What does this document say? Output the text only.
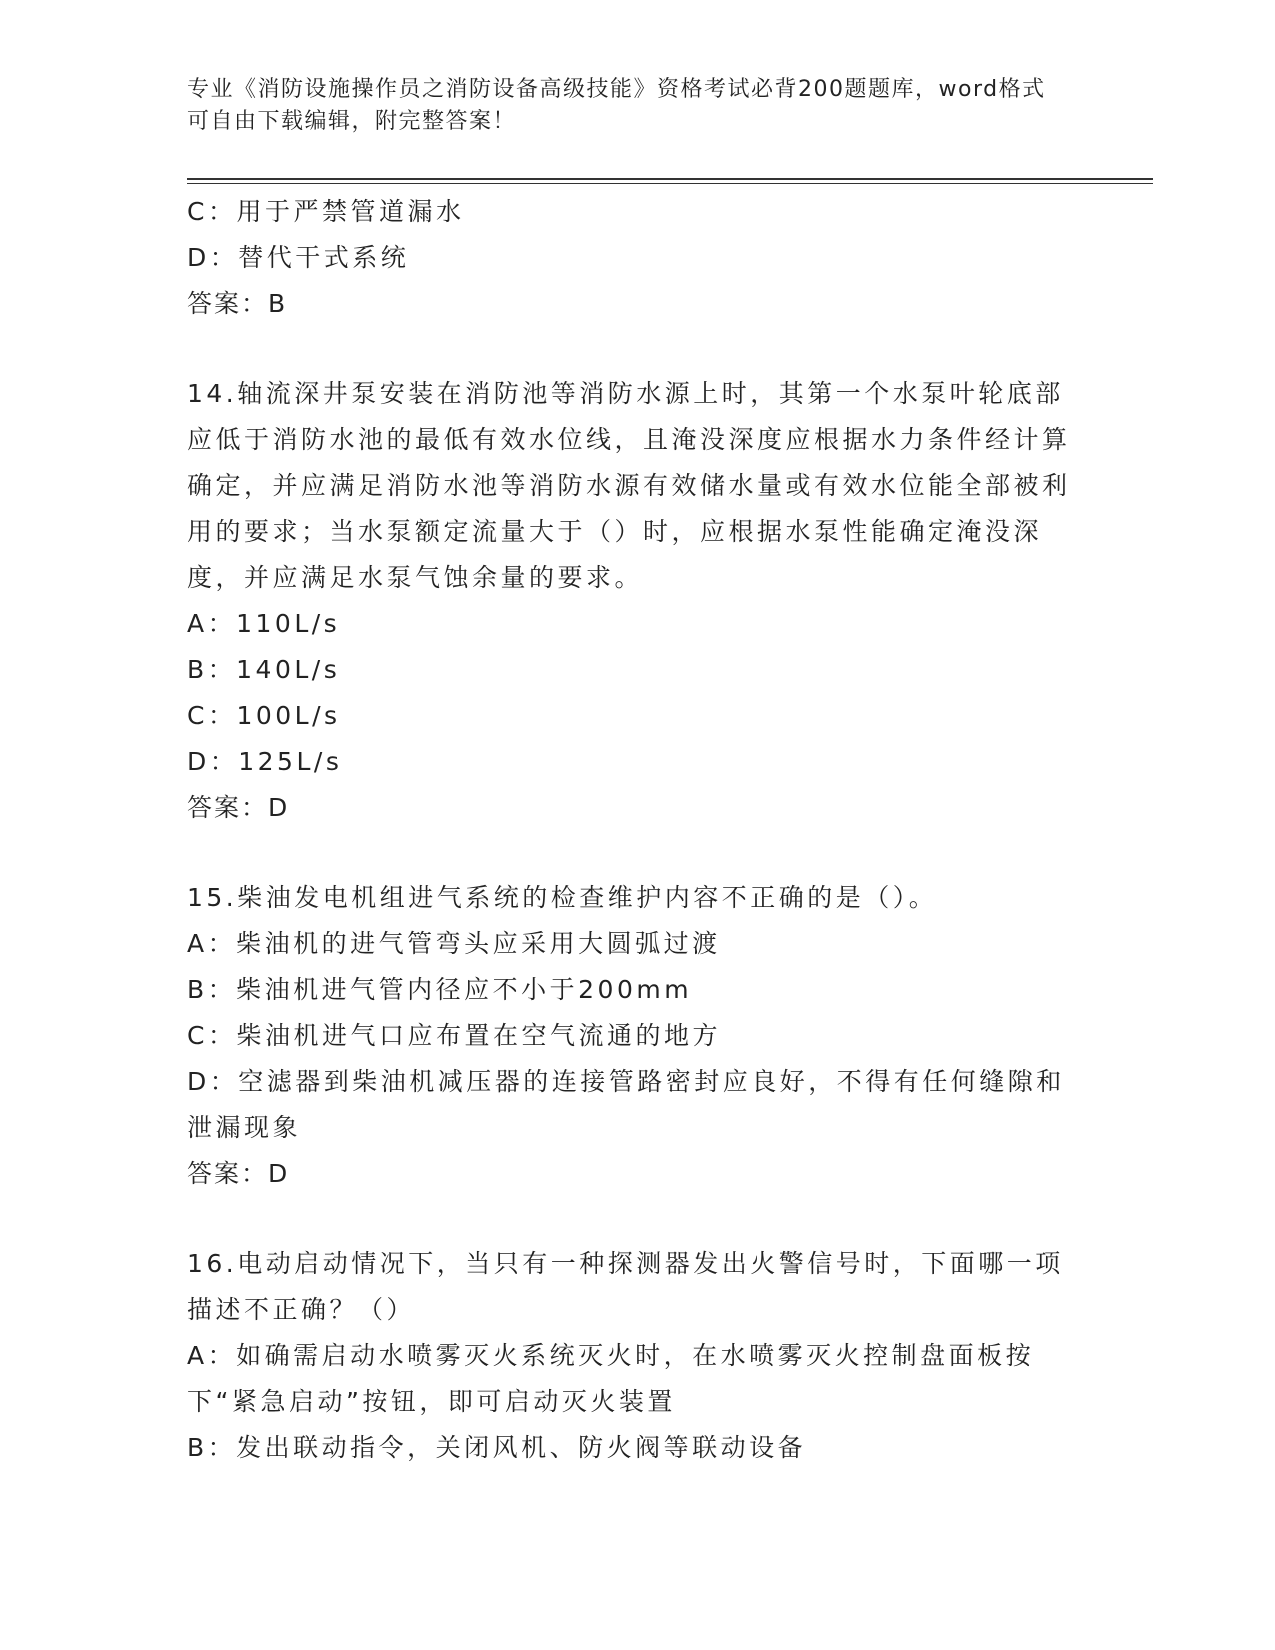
专业《消防设施操作员之消防设备高级技能》资格考试必背200题题库，word格式可自由下载编辑，附完整答案！
C：用于严禁管道漏水
D：替代干式系统
答案：B
14.轴流深井泵安装在消防池等消防水源上时，其第一个水泵叶轮底部应低于消防水池的最低有效水位线，且淹没深度应根据水力条件经计算确定，并应满足消防水池等消防水源有效储水量或有效水位能全部被利用的要求；当水泵额定流量大于（）时，应根据水泵性能确定淹没深度，并应满足水泵气蚀余量的要求。
A：110L/s
B：140L/s
C：100L/s
D：125L/s
答案：D
15.柴油发电机组进气系统的检查维护内容不正确的是（）。
A：柴油机的进气管弯头应采用大圆弧过渡
B：柴油机进气管内径应不小于200mm
C：柴油机进气口应布置在空气流通的地方
D：空滤器到柴油机减压器的连接管路密封应良好，不得有任何缝隙和泄漏现象
答案：D
16.电动启动情况下，当只有一种探测器发出火警信号时，下面哪一项描述不正确？（）
A：如确需启动水喷雾灭火系统灭火时，在水喷雾灭火控制盘面板按下“紧急启动”按钮，即可启动灭火装置
B：发出联动指令，关闭风机、防火阀等联动设备
